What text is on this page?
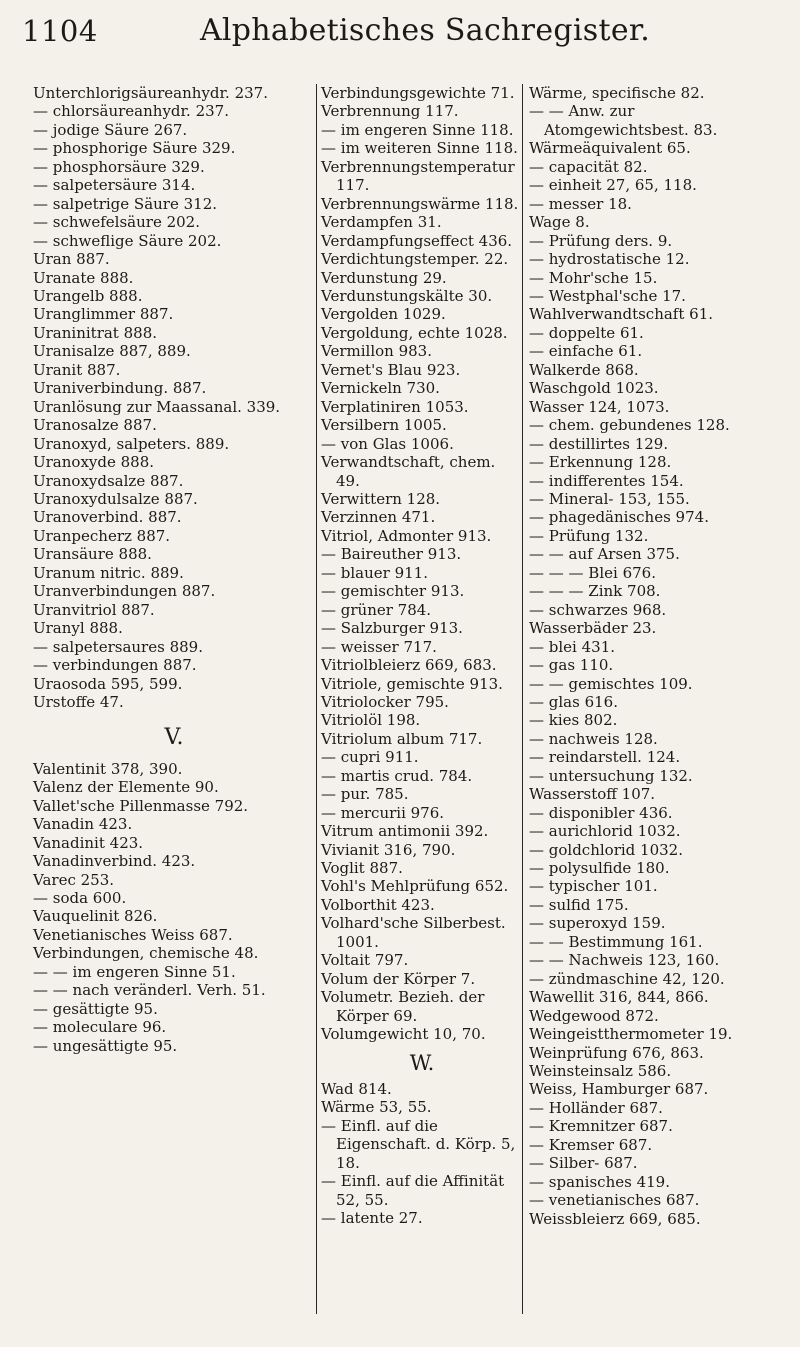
1104	Alphabetisches Sachregister.
Unterchlorigsäureanhydr. 237.
— chlorsäureanhydr. 237.
— jodige Säure 267.
— phosphorige Säure 329.
— phosphorsäure 329.
— salpetersäure 314.
— salpetrige Säure 312.
— schwefelsäure 202.
— schweflige Säure 202.
Uran 887.
Uranate 888.
Urangelb 888.
Uranglimmer 887.
Uraninitrat 888.
Uranisalze 887, 889.
Uranit 887.
Uraniverbindung. 887.
Uranlösung zur Maassanal. 339.
Uranosalze 887.
Uranoxyd, salpeters. 889.
Uranoxyde 888.
Uranoxydsalze 887.
Uranoxydulsalze 887.
Uranoverbind. 887.
Uranpecherz 887.
Uransäure 888.
Uranum nitric. 889.
Uranverbindungen 887.
Uranvitriol 887.
Uranyl 888.
— salpetersaures 889.
— verbindungen 887.
Uraosoda 595, 599.
Urstoffe 47.
V.
Valentinit 378, 390.
Valenz der Elemente 90.
Vallet'sche Pillenmasse 792.
Vanadin 423.
Vanadinit 423.
Vanadinverbind. 423.
Varec 253.
— soda 600.
Vauquelinit 826.
Venetianisches Weiss 687.
Verbindungen, chemische 48.
— — im engeren Sinne 51.
— — nach veränderl. Verh. 51.
— gesättigte 95.
— moleculare 96.
— ungesättigte 95.
Verbindungsgewichte 71.
Verbrennung 117.
— im engeren Sinne 118.
— im weiteren Sinne 118.
Verbrennungstemperatur 117.
Verbrennungswärme 118.
Verdampfen 31.
Verdampfungseffect 436.
Verdichtungstemper. 22.
Verdunstung 29.
Verdunstungskälte 30.
Vergolden 1029.
Vergoldung, echte 1028.
Vermillon 983.
Vernet's Blau 923.
Vernickeln 730.
Verplatiniren 1053.
Versilbern 1005.
— von Glas 1006.
Verwandtschaft, chem. 49.
Verwittern 128.
Verzinnen 471.
Vitriol, Admonter 913.
— Baireuther 913.
— blauer 911.
— gemischter 913.
— grüner 784.
— Salzburger 913.
— weisser 717.
Vitriolbleierz 669, 683.
Vitriole, gemischte 913.
Vitriolocker 795.
Vitriolöl 198.
Vitriolum album 717.
— cupri 911.
— martis crud. 784.
— pur. 785.
— mercurii 976.
Vitrum antimonii 392.
Vivianit 316, 790.
Voglit 887.
Vohl's Mehlprüfung 652.
Volborthit 423.
Volhard'sche Silberbest. 1001.
Voltait 797.
Volum der Körper 7.
Volumetr. Bezieh. der Körper 69.
Volumgewicht 10, 70.
W.
Wad 814.
Wärme 53, 55.
— Einfl. auf die Eigenschaft. d. Körp. 5, 18.
— Einfl. auf die Affinität 52, 55.
— latente 27.
Wärme, specifische 82.
— — Anw. zur Atomgewichtsbest. 83.
Wärmeäquivalent 65.
— capacität 82.
— einheit 27, 65, 118.
— messer 18.
Wage 8.
— Prüfung ders. 9.
— hydrostatische 12.
— Mohr'sche 15.
— Westphal'sche 17.
Wahlverwandtschaft 61.
— doppelte 61.
— einfache 61.
Walkerde 868.
Waschgold 1023.
Wasser 124, 1073.
— chem. gebundenes 128.
— destillirtes 129.
— Erkennung 128.
— indifferentes 154.
— Mineral- 153, 155.
— phagedänisches 974.
— Prüfung 132.
— — auf Arsen 375.
— — — Blei 676.
— — — Zink 708.
— schwarzes 968.
Wasserbäder 23.
— blei 431.
— gas 110.
— — gemischtes 109.
— glas 616.
— kies 802.
— nachweis 128.
— reindarstell. 124.
— untersuchung 132.
Wasserstoff 107.
— disponibler 436.
— aurichlorid 1032.
— goldchlorid 1032.
— polysulfide 180.
— typischer 101.
— sulfid 175.
— superoxyd 159.
— — Bestimmung 161.
— — Nachweis 123, 160.
— zündmaschine 42, 120.
Wawellit 316, 844, 866.
Wedgewood 872.
Weingeistthermometer 19.
Weinprüfung 676, 863.
Weinsteinsalz 586.
Weiss, Hamburger 687.
— Holländer 687.
— Kremnitzer 687.
— Kremser 687.
— Silber- 687.
— spanisches 419.
— venetianisches 687.
Weissbleierz 669, 685.
